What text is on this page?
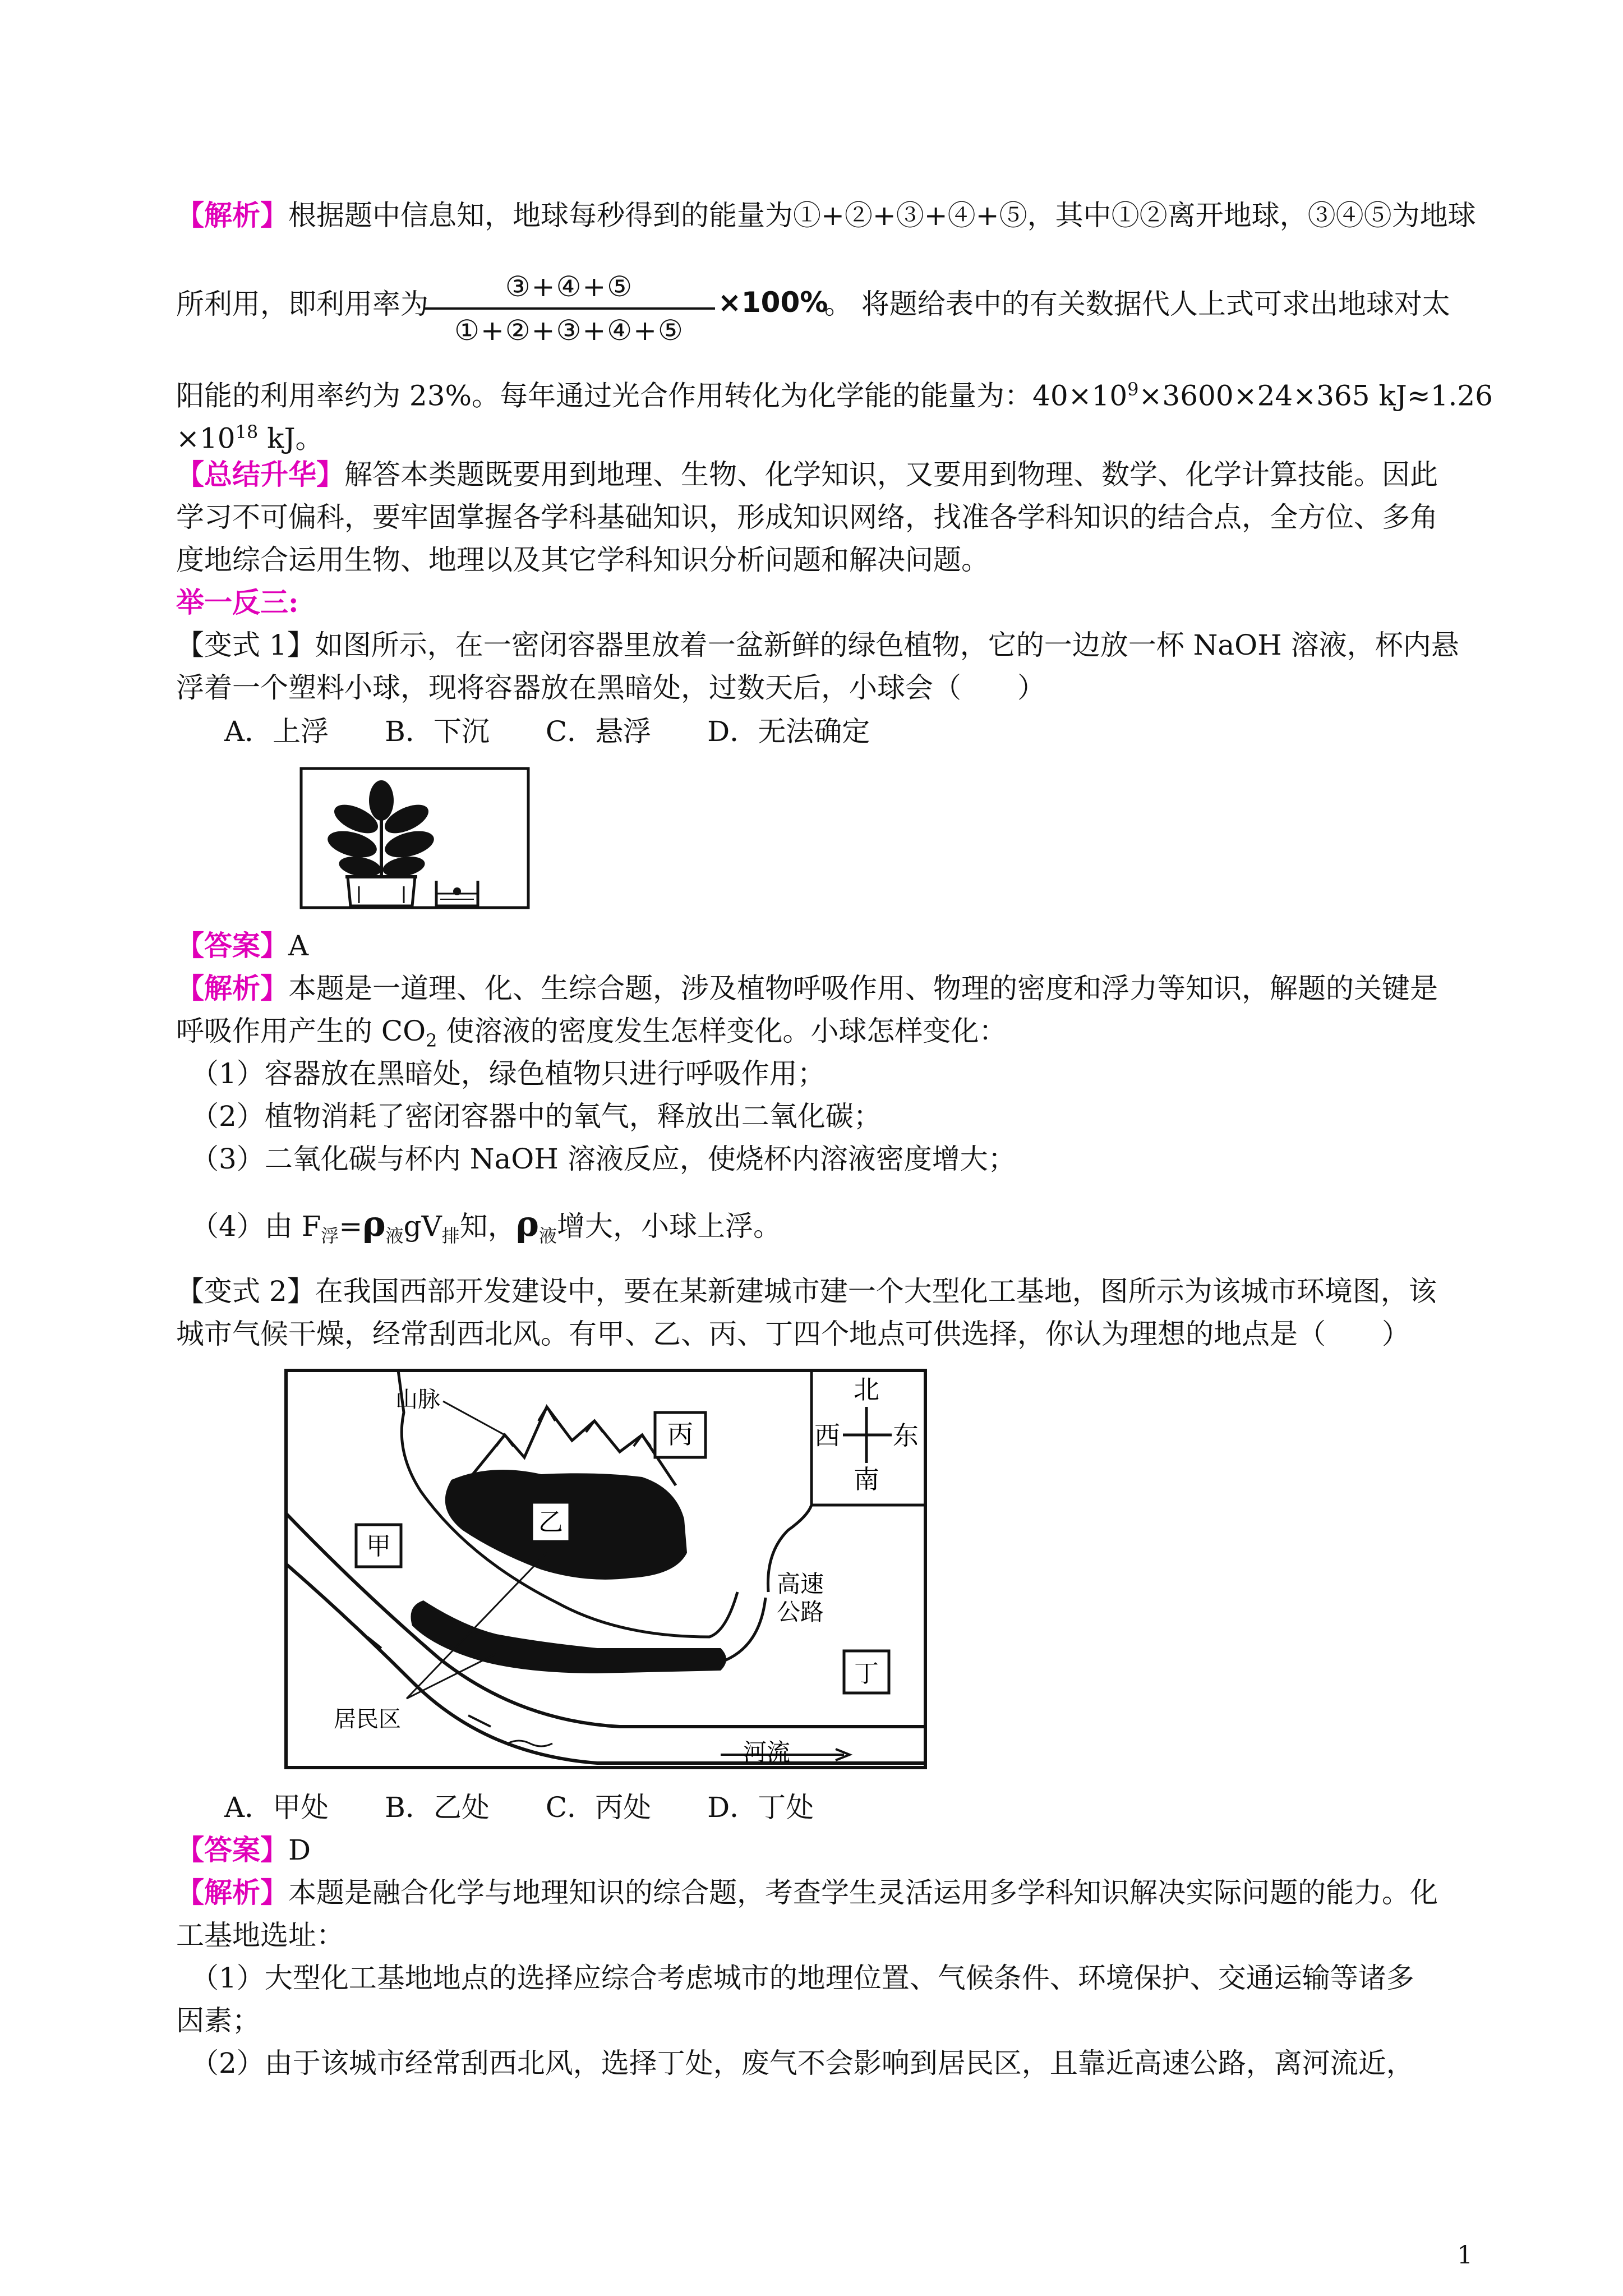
【解析】根据题中信息知，地球每秒得到的能量为①+②+③+④+⑤，其中①②离开地球，③④⑤为地球
所利用，即利用率为
③+④+⑤
①+②+③+④+⑤
×100%
。 将题给表中的有关数据代人上式可求出地球对太
阳能的利用率约为 23%。每年通过光合作用转化为化学能的能量为：$40\times 10^9\times 3600\times 24\times 365$ kJ≈1.26
$\times 10^{18}$ kJ。
【总结升华】解答本类题既要用到地理、生物、化学知识，又要用到物理、数学、化学计算技能。因此
学习不可偏科，要牢固掌握各学科基础知识，形成知识网络，找准各学科知识的结合点，全方位、多角
度地综合运用生物、地理以及其它学科知识分析问题和解决问题。
举一反三:
【变式 1】如图所示，在一密闭容器里放着一盆新鲜的绿色植物，它的一边放一杯 NaOH 溶液，杯内悬
浮着一个塑料小球，现将容器放在黑暗处，过数天后，小球会（　　）
A．上浮　　B．下沉　　C．悬浮　　D．无法确定
【答案】A
【解析】本题是一道理、化、生综合题，涉及植物呼吸作用、物理的密度和浮力等知识，解题的关键是
呼吸作用产生的 $CO_2$ 使溶液的密度发生怎样变化。小球怎样变化：
（1）容器放在黑暗处，绿色植物只进行呼吸作用；
（2）植物消耗了密闭容器中的氧气，释放出二氧化碳；
（3）二氧化碳与杯内 NaOH 溶液反应，使烧杯内溶液密度增大；
（4）由 $F_浮=\rho_液gV_排$知，$\rho_液$增大，小球上浮。
【变式 2】在我国西部开发建设中，要在某新建城市建一个大型化工基地，图所示为该城市环境图，该
城市气候干燥，经常刮西北风。有甲、乙、丙、丁四个地点可供选择，你认为理想的地点是（　　）
北
南
西 东
山脉
高速
公路
河流
丙
乙
甲
丁
居民区
A．甲处　　B．乙处　　C．丙处　　D．丁处
【答案】D
【解析】本题是融合化学与地理知识的综合题，考查学生灵活运用多学科知识解决实际问题的能力。化
工基地选址：
（1）大型化工基地地点的选择应综合考虑城市的地理位置、气候条件、环境保护、交通运输等诸多
因素；
（2）由于该城市经常刮西北风，选择丁处，废气不会影响到居民区，且靠近高速公路，离河流近，
1
